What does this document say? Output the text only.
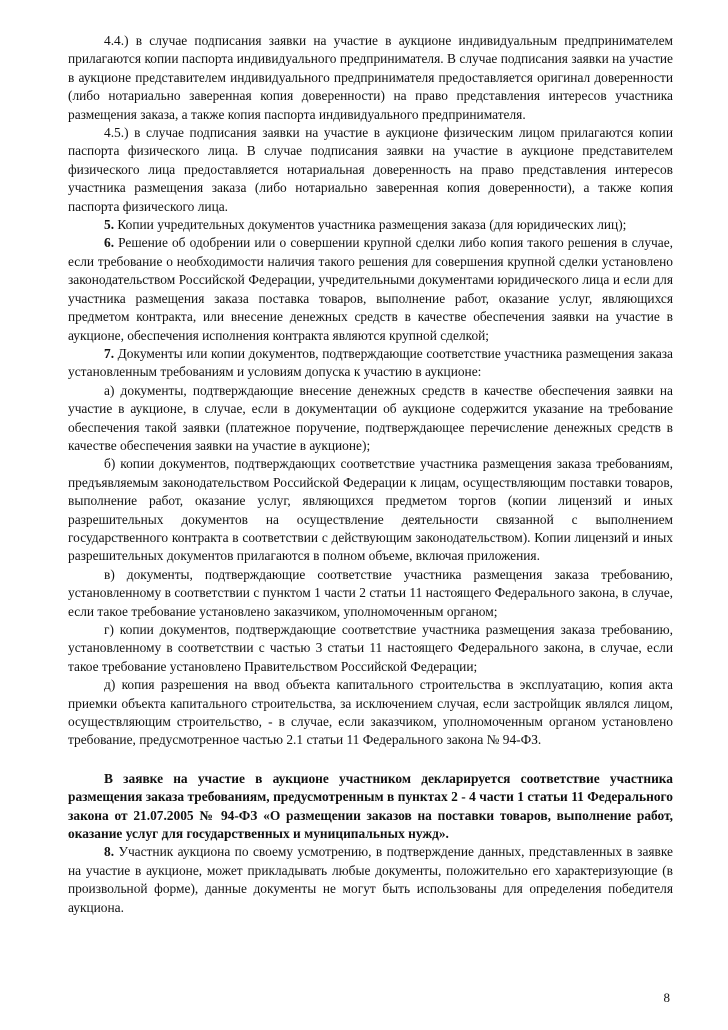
4.4.) в случае подписания заявки на участие в аукционе индивидуальным предпринимателем прилагаются копии паспорта индивидуального предпринимателя. В случае подписания заявки на участие в аукционе представителем индивидуального предпринимателя предоставляется оригинал доверенности (либо нотариально заверенная копия доверенности) на право представления интересов участника размещения заказа, а также копия паспорта индивидуального предпринимателя.

4.5.) в случае подписания заявки на участие в аукционе физическим лицом прилагаются копии паспорта физического лица. В случае подписания заявки на участие в аукционе представителем физического лица предоставляется нотариальная доверенность на право представления интересов участника размещения заказа (либо нотариально заверенная копия доверенности), а также копия паспорта физического лица.

5. Копии учредительных документов участника размещения заказа (для юридических лиц);

6. Решение об одобрении или о совершении крупной сделки либо копия такого решения в случае, если требование о необходимости наличия такого решения для совершения крупной сделки установлено законодательством Российской Федерации, учредительными документами юридического лица и если для участника размещения заказа поставка товаров, выполнение работ, оказание услуг, являющихся предметом контракта, или внесение денежных средств в качестве обеспечения заявки на участие в аукционе, обеспечения исполнения контракта являются крупной сделкой;

7. Документы или копии документов, подтверждающие соответствие участника размещения заказа установленным требованиям и условиям допуска к участию в аукционе:

а) документы, подтверждающие внесение денежных средств в качестве обеспечения заявки на участие в аукционе, в случае, если в документации об аукционе содержится указание на требование обеспечения такой заявки (платежное поручение, подтверждающее перечисление денежных средств в качестве обеспечения заявки на участие в аукционе);

б) копии документов, подтверждающих соответствие участника размещения заказа требованиям, предъявляемым законодательством Российской Федерации к лицам, осуществляющим поставки товаров, выполнение работ, оказание услуг, являющихся предметом торгов (копии лицензий и иных разрешительных документов на осуществление деятельности связанной с выполнением государственного контракта в соответствии с действующим законодательством). Копии лицензий и иных разрешительных документов прилагаются в полном объеме, включая приложения.

в) документы, подтверждающие соответствие участника размещения заказа требованию, установленному в соответствии с пунктом 1 части 2 статьи 11 настоящего Федерального закона, в случае, если такое требование установлено заказчиком, уполномоченным органом;

г) копии документов, подтверждающие соответствие участника размещения заказа требованию, установленному в соответствии с частью 3 статьи 11 настоящего Федерального закона, в случае, если такое требование установлено Правительством Российской Федерации;

д) копия разрешения на ввод объекта капитального строительства в эксплуатацию, копия акта приемки объекта капитального строительства, за исключением случая, если застройщик являлся лицом, осуществляющим строительство, - в случае, если заказчиком, уполномоченным органом установлено требование, предусмотренное частью 2.1 статьи 11 Федерального закона № 94-ФЗ.

В заявке на участие в аукционе участником декларируется соответствие участника размещения заказа требованиям, предусмотренным в пунктах 2 - 4 части 1 статьи 11 Федерального закона от 21.07.2005 № 94-ФЗ «О размещении заказов на поставки товаров, выполнение работ, оказание услуг для государственных и муниципальных нужд».

8. Участник аукциона по своему усмотрению, в подтверждение данных, представленных в заявке на участие в аукционе, может прикладывать любые документы, положительно его характеризующие (в произвольной форме), данные документы не могут быть использованы для определения победителя аукциона.

8
